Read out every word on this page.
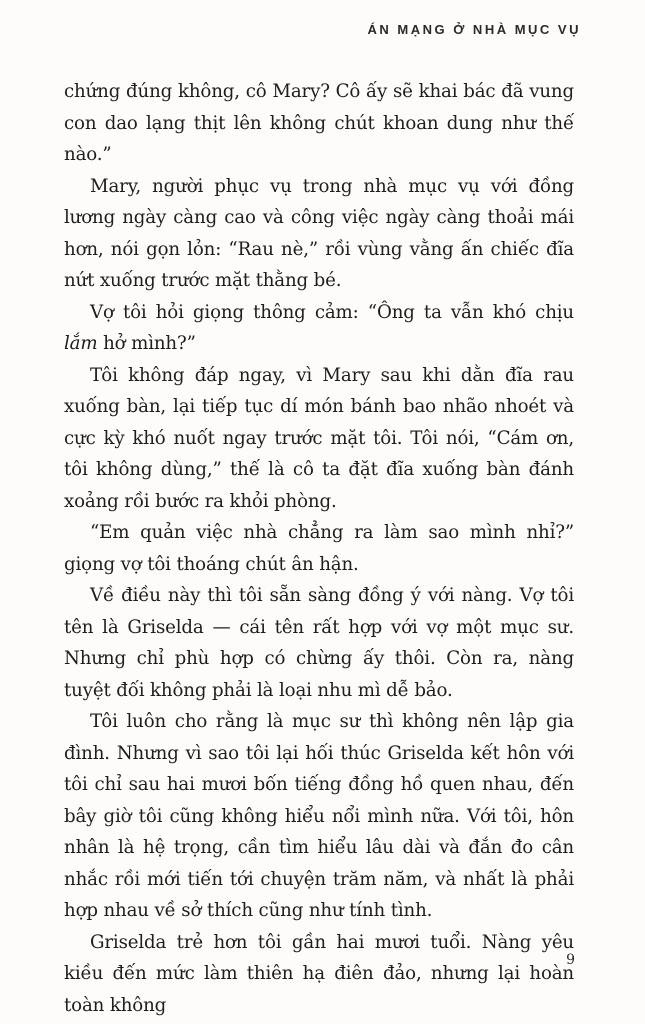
ÁN MẠNG Ở NHÀ MỤC VỤ

chứng đúng không, cô Mary? Cô ấy sẽ khai bác đã vung con dao lạng thịt lên không chút khoan dung như thế nào.”

Mary, người phục vụ trong nhà mục vụ với đồng lương ngày càng cao và công việc ngày càng thoải mái hơn, nói gọn lỏn: “Rau nè,” rồi vùng vằng ấn chiếc đĩa nứt xuống trước mặt thằng bé.

Vợ tôi hỏi giọng thông cảm: “Ông ta vẫn khó chịu lắm hở mình?”

Tôi không đáp ngay, vì Mary sau khi dằn đĩa rau xuống bàn, lại tiếp tục dí món bánh bao nhão nhoét và cực kỳ khó nuốt ngay trước mặt tôi. Tôi nói, “Cám ơn, tôi không dùng,” thế là cô ta đặt đĩa xuống bàn đánh xoảng rồi bước ra khỏi phòng.

“Em quản việc nhà chẳng ra làm sao mình nhỉ?” giọng vợ tôi thoáng chút ân hận.

Về điều này thì tôi sẵn sàng đồng ý với nàng. Vợ tôi tên là Griselda — cái tên rất hợp với vợ một mục sư. Nhưng chỉ phù hợp có chừng ấy thôi. Còn ra, nàng tuyệt đối không phải là loại nhu mì dễ bảo.

Tôi luôn cho rằng là mục sư thì không nên lập gia đình. Nhưng vì sao tôi lại hối thúc Griselda kết hôn với tôi chỉ sau hai mươi bốn tiếng đồng hồ quen nhau, đến bây giờ tôi cũng không hiểu nổi mình nữa. Với tôi, hôn nhân là hệ trọng, cần tìm hiểu lâu dài và đắn đo cân nhắc rồi mới tiến tới chuyện trăm năm, và nhất là phải hợp nhau về sở thích cũng như tính tình.

Griselda trẻ hơn tôi gần hai mươi tuổi. Nàng yêu kiều đến mức làm thiên hạ điên đảo, nhưng lại hoàn toàn không

9
